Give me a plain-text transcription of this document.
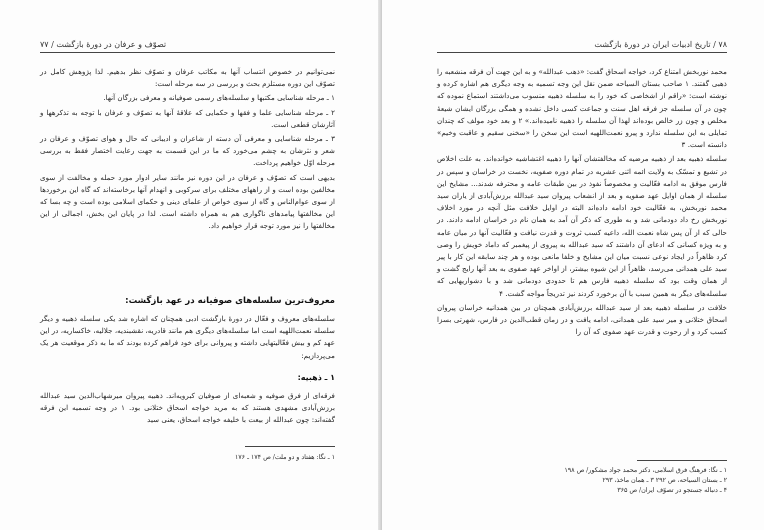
تصوّف و عرفان در دورهٔ بازگشت / ۷۷

نمی‌توانیم در خصوص انتساب آنها به مکاتب عرفان و تصوّف نظر بدهیم. لذا پژوهش کامل در تصوّف این دوره مستلزم بحث و بررسی در سه مرحله است:

۱ ـ مرحله شناسایی مکتبها و سلسله‌های رسمی صوفیانه و معرفی بزرگان آنها.

۲ ـ مرحله شناسایی علما و فقها و حکمایی که علاقهٔ آنها به تصوّف و عرفان با توجه به تذکرهها و آثارشان قطعی است.

۳ ـ مرحله شناسایی و معرفی آن دسته از شاعران و ادیبانی که حال و هوای تصوّف و عرفان در شعر و نثرشان به چشم می‌خورد که ما در این قسمت به جهت رعایت اختصار فقط به بررسی مرحله اوّل خواهیم پرداخت.

بدیهی است که تصوّف و عرفان در این دوره نیز مانند سایر ادوار مورد حمله و مخالفت از سوی مخالفین بوده است و از راههای مختلف برای سرکوبی و انهدام آنها برخاسته‌اند که گاه این برخوردها از سوی عوام‌الناس و گاه از سوی خواص از علمای دینی و حکمای اسلامی بوده است و چه بسا که این مخالفتها پیامدهای ناگواری هم به همراه داشته است. لذا در پایان این بخش، اجمالی از این مخالفتها را نیز مورد توجه قرار خواهیم داد.

معروف‌ترین سلسله‌های صوفیانه در عهد بازگشت:
سلسله‌های معروف و فعّال در دورهٔ بازگشت ادبی همچنان که اشاره شد یکی سلسله ذهبیه و دیگر سلسله نعمت‌اللهیه است اما سلسله‌های دیگری هم مانند قادریه، نقشبندیه، جلالیه، خاکساریه، در این عهد کم و بیش فعّالیتهایی داشته و پیروانی برای خود فراهم کرده بودند که ما به ذکر موقعیت هر یک می‌پردازیم:
۱ ـ ذهبیه:
فرقه‌ای از فرق صوفیه و شعبه‌ای از صوفیان کبرویه‌اند. ذهبیه پیروان میرشهاب‌الدین سید عبدالله برزش‌آبادی مشهدی هستند که به مرید خواجه اسحاق ختلانی بود. ۱ در وجه تسمیه این فرقه گفته‌اند: چون عبدالله از بیعت با خلیفه خواجه اسحاق، یعنی سید
۱ ـ نگا: هفتاد و دو ملت/ ص ۱۷۴ ـ ۱۷۶
۷۸ / تاریخ ادبیات ایران در دورهٔ بازگشت

محمد نوربخش امتناع کرد، خواجه اسحاق گفت: «ذهب عبدالله» و به این جهت آن فرقه منشعبه را ذهبی گفتند. ۱ صاحب بستان السیاحه ضمن نقل این وجه تسمیه به وجه دیگری هم اشاره کرده و نوشته است: «راقم از اشخاصی که خود را به سلسله ذهبیه منسوب می‌داشتند استماع نموده که چون در آن سلسله جز فرقه اهل سنت و جماعت کسی داخل نشده و همگی بزرگان ایشان شیعهٔ مخلص و چون زر خالص بوده‌اند لهذا آن سلسله را ذهبیه نامیده‌اند.» ۲ و بعد خود مولف که چندان تمایلی به این سلسله ندارد و پیرو نعمت‌اللهیه است این سخن را «سخنی سقیم و عاقبت وخیم» دانسته است. ۳

سلسله ذهبیه بعد از ذهبیه مرضیه که مخالفتشان آنها را ذهبیه اغتشاشیه خوانده‌اند. به علت اخلاص در تشیع و تمسّک به ولایت ائمه اثنی عشریه در تمام دوره صفویه، نخست در خراسان و سپس در فارس موفق به ادامه فعّالیت و مخصوصاً نفوذ در بین طبقات عامه و محترفه شدند... مشایخ این سلسله از همان اوایل عهد صفویه و بعد از انشعاب پیروان سید عبدالله برزش‌آبادی از یاران سید محمد نوربخش، به فعّالیت خود ادامه داده‌اند البته در اوایل خلافت مثل آنچه در مورد اخلاف نوربخش رخ داد دودمانی شد و به طوری که ذکر آن آمد به همان نام در خراسان ادامه دادند. در حالی که از آن پس شاه نعمت الله، داعیه کسب ثروت و قدرت نیافت و فعّالیت آنها در میان عامه و به ویژه کسانی که ادعای آن داشتند که سید عبدالله به پیروی از پیغمبر که داماد خویش را وصی کرد ظاهراً در ایجاد نوعی نسبت میان این مشایخ و خلفا مانعی بوده و هر چند سابقه این کار با پیر سید علی همدانی می‌رسد، ظاهراً از این شیوه بیشتر، از اواخر عهد صفوی به بعد آنها رایج گشت و از همان وقت بود که سلسله ذهبیه فارس هم تا حدودی دودمانی شد و با دشواریهایی که سلسله‌های دیگر به همین سبب با آن برخورد کردند نیز تدریجاً مواجه گشت. ۴

خلافت در سلسله ذهبیه بعد از سید عبدالله برزش‌آبادی همچنان در بین همدانیه خراسان پیروان اسحاق ختلانی و میر سید علی همدانی، ادامه یافت و در زمان قطب‌الدین در فارس، شهرتی بسزا کسب کرد و از رحوت و قدرت عهد صفوی که آن را

۱ ـ نگا: فرهنگ فرق اسلامی، دکتر محمد جواد مشکور/ ص ۱۹۸
۲ ـ بستان السیاحه، ص ۲۹۲ ۳ ـ همان ماخذ، ۲۹۳
۴ ـ دنباله جستجو در تصوّف ایران/ ص ۳۶۵
